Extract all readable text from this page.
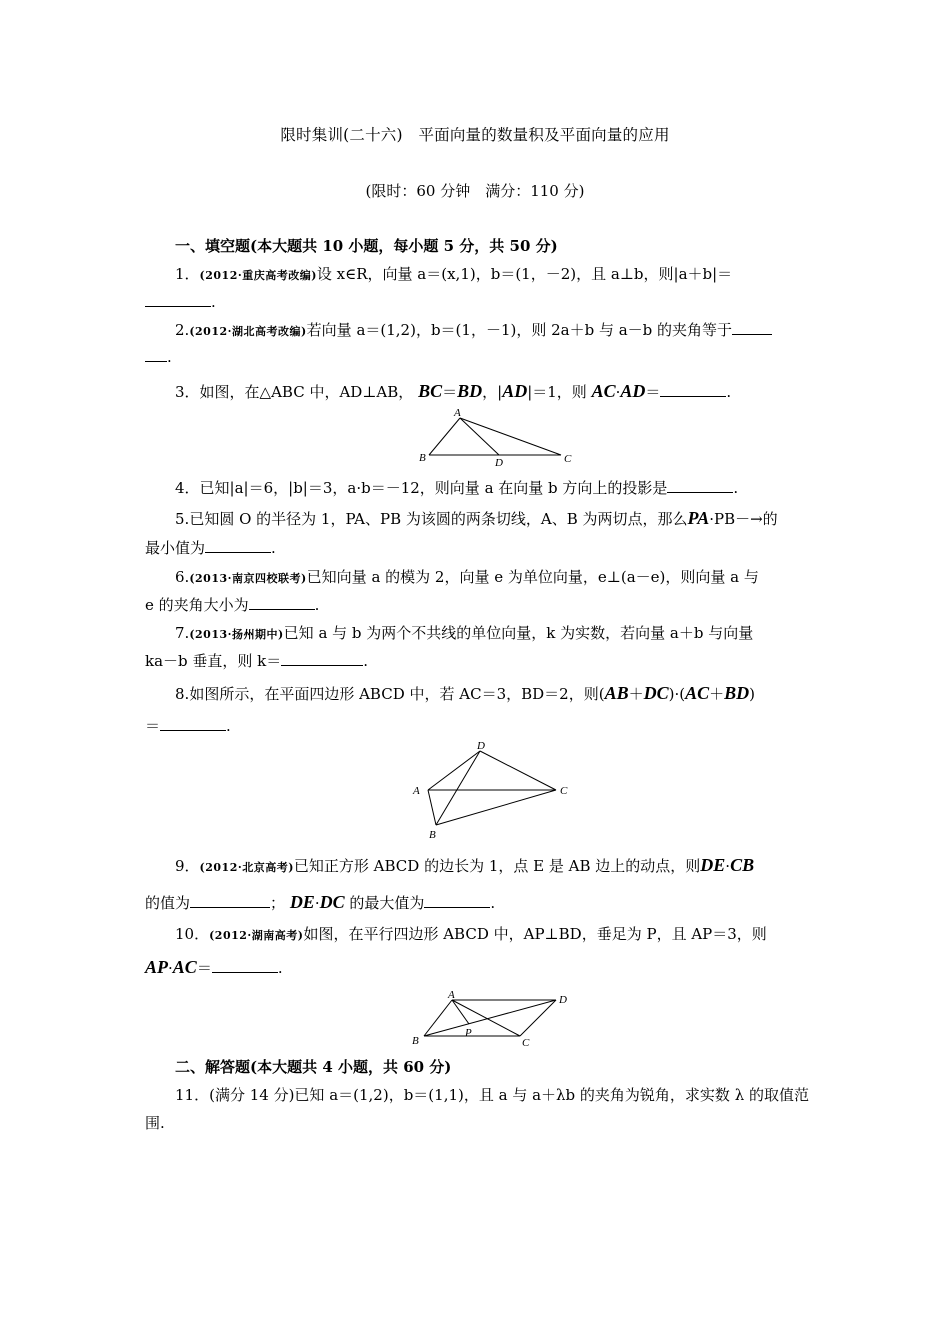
限时集训(二十六)　平面向量的数量积及平面向量的应用
(限时：60 分钟　满分：110 分)
一、填空题(本大题共 10 小题，每小题 5 分，共 50 分)
1．(2012·重庆高考改编)设 x∈R，向量 a＝(x,1)，b＝(1，－2)，且 a⊥b，则|a＋b|＝
.
2.(2012·湖北高考改编)若向量 a＝(1,2)，b＝(1，－1)，则 2a＋b 与 a－b 的夹角等于
.
3．如图，在△ABC 中，AD⊥AB， BC＝BD，|AD|＝1，则 AC·AD＝	.
A
B	D	C
4．已知|a|＝6，|b|＝3，a·b＝－12，则向量 a 在向量 b 方向上的投影是	.
5.已知圆 O 的半径为 1，PA、PB 为该圆的两条切线，A、B 为两切点，那么PA·PB－→的
最小值为	.
6.(2013·南京四校联考)已知向量 a 的模为 2，向量 e 为单位向量，e⊥(a－e)，则向量 a 与
e 的夹角大小为	.
7.(2013·扬州期中)已知 a 与 b 为两个不共线的单位向量，k 为实数，若向量 a＋b 与向量
ka－b 垂直，则 k＝	.
8.如图所示，在平面四边形 ABCD 中，若 AC＝3，BD＝2，则(AB＋DC)·(AC＋BD)
＝	.
D
A	C
B
9．(2012·北京高考)已知正方形 ABCD 的边长为 1，点 E 是 AB 边上的动点，则DE·CB
的值为	； DE·DC 的最大值为	.
10．(2012·湖南高考)如图，在平行四边形 ABCD 中，AP⊥BD，垂足为 P，且 AP＝3，则
AP·AC＝	.
A	D
B
P
C
二、解答题(本大题共 4 小题，共 60 分)
11．(满分 14 分)已知 a＝(1,2)，b＝(1,1)，且 a 与 a＋λb 的夹角为锐角，求实数 λ 的取值范
围.
